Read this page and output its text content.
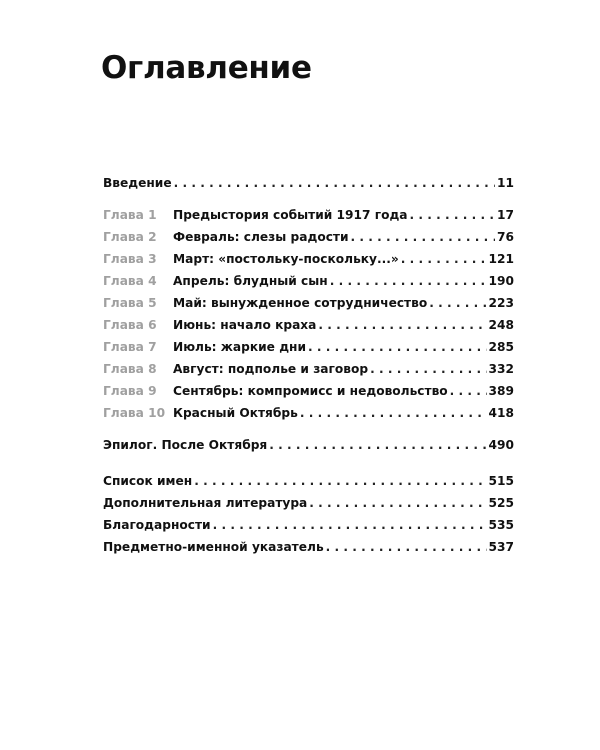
Оглавление
Введение . . .	11
Глава 1	Предыстория событий 1917 года . . .	17
Глава 2	Февраль: слезы радости . . .	76
Глава 3	Март: «постольку-поскольку...» . . .	121
Глава 4	Апрель: блудный сын . . .	190
Глава 5	Май: вынужденное сотрудничество . . .	223
Глава 6	Июнь: начало краха . . .	248
Глава 7	Июль: жаркие дни . . .	285
Глава 8	Август: подполье и заговор . . .	332
Глава 9	Сентябрь: компромисс и недовольство . . .	389
Глава 10 Красный Октябрь . . .	418
Эпилог. После Октября . . .	490
Список имен . . .	515
Дополнительная литература . . .	525
Благодарности . . .	535
Предметно-именной указатель . . .	537
